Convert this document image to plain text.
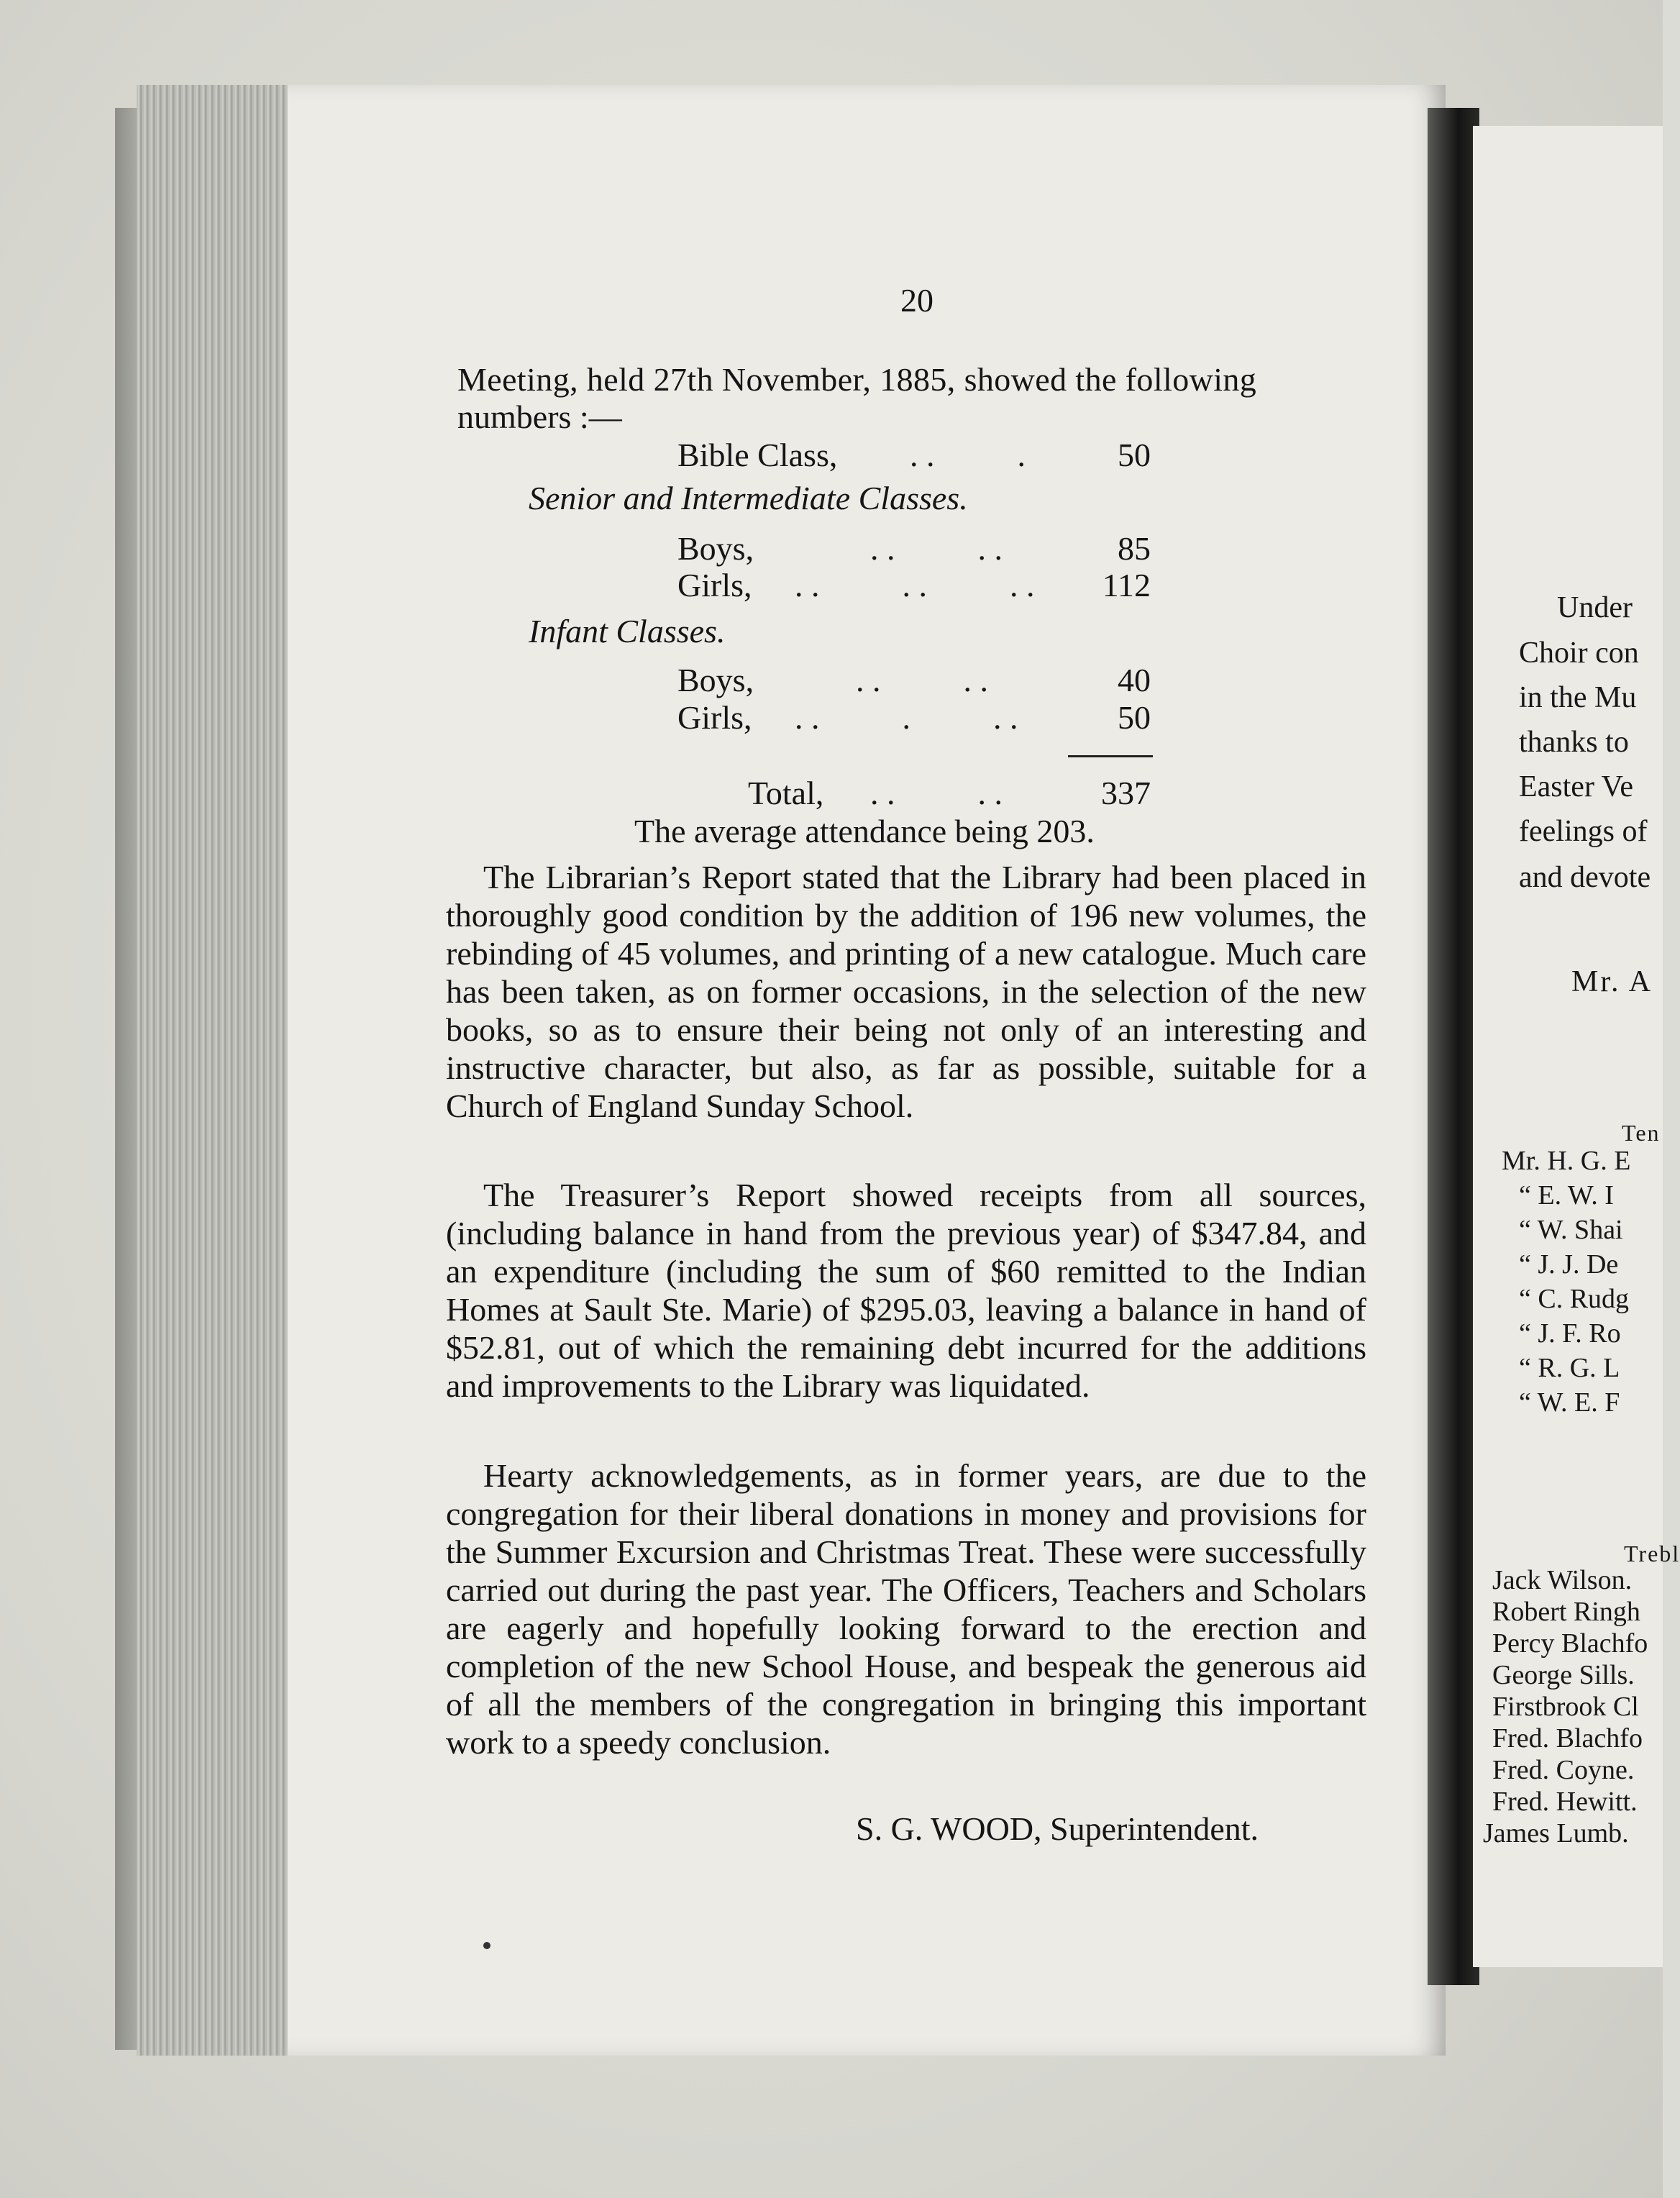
20
Meeting, held 27th November, 1885, showed the following
numbers :—
Bible Class, . .          .	50
Senior and Intermediate Classes.
Boys,	. .          . .	85
Girls, . .          . .          . .	112
Infant Classes.
Boys,	. .          . .	40
Girls, . .          .          . .	50
Total, . .          . .	337
The average attendance being 203.
The Librarian’s Report stated that the Library had been placed in thoroughly good condition by the addition of 196 new volumes, the rebinding of 45 volumes, and printing of a new catalogue. Much care has been taken, as on former occasions, in the selection of the new books, so as to ensure their being not only of an interesting and instructive character, but also, as far as possible, suitable for a Church of England Sunday School.
The Treasurer’s Report showed receipts from all sources, (including balance in hand from the previous year) of $347.84, and an expenditure (including the sum of $60 remitted to the Indian Homes at Sault Ste. Marie) of $295.03, leaving a balance in hand of $52.81, out of which the remaining debt incurred for the additions and improvements to the Library was liquidated.
Hearty acknowledgements, as in former years, are due to the congregation for their liberal donations in money and provisions for the Summer Excursion and Christmas Treat. These were successfully carried out during the past year. The Officers, Teachers and Scholars are eagerly and hopefully looking forward to the erection and completion of the new School House, and bespeak the generous aid of all the members of the congregation in bringing this important work to a speedy conclusion.
S. G. WOOD, Superintendent.
Under
Choir con
in the Mu
thanks to
Easter Ve
feelings of
and devote
Mr. A
Ten
Mr. H. G. E
“ E. W. I
“ W. Shai
“ J. J. De
“ C. Rudg
“ J. F. Ro
“ R. G. L
“ W. E. F
Trebl
Jack Wilson.
Robert Ringh
Percy Blachfo
George Sills.
Firstbrook Cl
Fred. Blachfo
Fred. Coyne.
Fred. Hewitt.
James Lumb.
